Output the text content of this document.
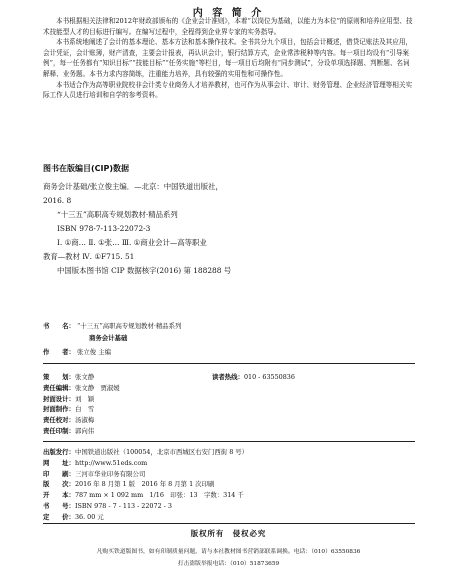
内 容 简 介

本书根据相关法律和2012年财政部颁布的《企业会计准则》，本着“以岗位为基础，以能力为本位”的原则和培养应用型、技术技能型人才的目标进行编写。在编写过程中，全程得到企业界专家的实务指导。

本书系统地阐述了会计的基本理论、基本方法和基本操作技术。全书共分九个项目，包括会计概述，借贷记账法及其应用，会计凭证，会计账簿，财产清查，主要会计报表，再认识会计，银行结算方式，企业常涉税种等内容。每一项目均设有“引导案例”，每一任务都有“知识目标”“技能目标”“任务实施”等栏目，每一项目后均附有“同步测试”，分设单项选择题、判断题、名词解释、业务题。本书力求内容简练，注重能力培养，具有较强的实用性和可操作性。

本书适合作为高等职业院校非会计类专业商务人才培养教材，也可作为从事会计、审计、财务管理、企业经济管理等相关实际工作人员进行培训和自学的参考资料。

图书在版编目(CIP)数据

商务会计基础/张立俊主编．—北京：中国铁道出版社，

2016. 8

“十三五”高职高专规划教材·精品系列

ISBN 978-7-113-22072-3

Ⅰ. ①商… Ⅱ. ①张… Ⅲ. ①商业会计—高等职业

教育—教材 Ⅳ. ①F715. 51

中国版本图书馆 CIP 数据核字(2016) 第 188288 号

书　　名： “十三五”高职高专规划教材·精品系列
商务会计基础
作　　者： 张立俊 主编
策　　划：张文静
责任编辑：张文静　贾淑媛
封面设计：刘　颖
封面制作：白　雪
责任校对：汤淑梅
责任印制：郭向伟
读者热线：010 - 63550836
出版发行：中国铁道出版社（100054，北京市西城区右安门西街 8 号）
网　　址：http://www.51eds.com
印　　刷：三河市华业印务有限公司
版　　次：2016 年 8 月第 1 版　2016 年 8 月第 1 次印刷
开　　本：787 mm × 1 092 mm　1/16　印张：13　字数：314 千
书　　号：ISBN 978 - 7 - 113 - 22072 - 3
定　　价：36. 00 元
版权所有　侵权必究
凡购买铁道版图书，如有印制质量问题，请与本社教材图书营销部联系调换。电话：（010）63550836
打击盗版举报电话：（010）51873659
